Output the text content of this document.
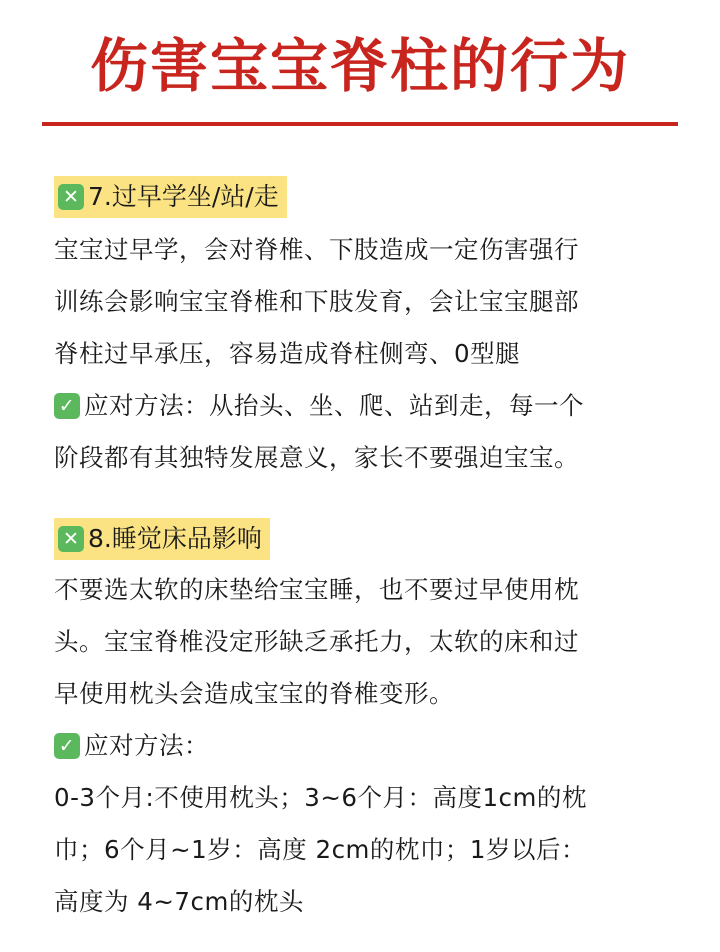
伤害宝宝脊柱的行为
✕ 7.过早学坐/站/走

宝宝过早学，会对脊椎、下肢造成一定伤害强行

训练会影响宝宝脊椎和下肢发育，会让宝宝腿部

脊柱过早承压，容易造成脊柱侧弯、0型腿

✓ 应对方法：从抬头、坐、爬、站到走，每一个

阶段都有其独特发展意义，家长不要强迫宝宝。

✕ 8.睡觉床品影响

不要选太软的床垫给宝宝睡，也不要过早使用枕

头。宝宝脊椎没定形缺乏承托力，太软的床和过

早使用枕头会造成宝宝的脊椎变形。

✓ 应对方法：

0-3个月:不使用枕头；3~6个月：高度1cm的枕

巾；6个月~1岁：高度 2cm的枕巾；1岁以后：

高度为 4~7cm的枕头
